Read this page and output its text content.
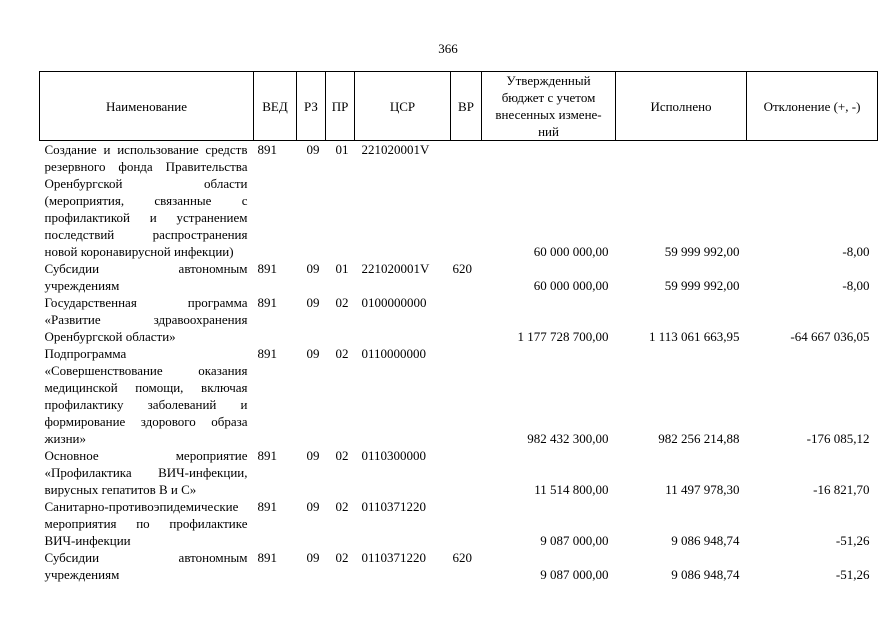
366
Наименование	ВЕД	РЗ	ПР	ЦСР	ВР	Утвержденный бюджет с учетом внесенных измене-ний	Исполнено	Отклонение (+, -)
Создание и использование средств резервного фонда Правительства Оренбургской области (мероприятия, связанные с профилактикой и устранением последствий распространения новой коронавирусной инфекции)	891	09	01	221020001V		60 000 000,00	59 999 992,00	-8,00
Субсидии автономным учреждениям	891	09	01	221020001V	620	60 000 000,00	59 999 992,00	-8,00
Государственная программа «Развитие здравоохранения Оренбургской области»	891	09	02	0100000000		1 177 728 700,00	1 113 061 663,95	-64 667 036,05
Подпрограмма «Совершенствование оказания медицинской помощи, включая профилактику заболеваний и формирование здорового образа жизни»	891	09	02	0110000000		982 432 300,00	982 256 214,88	-176 085,12
Основное мероприятие «Профилактика ВИЧ-инфекции, вирусных гепатитов В и С»	891	09	02	0110300000		11 514 800,00	11 497 978,30	-16 821,70
Санитарно-противоэпидемические мероприятия по профилактике ВИЧ-инфекции	891	09	02	0110371220		9 087 000,00	9 086 948,74	-51,26
Субсидии автономным учреждениям	891	09	02	0110371220	620	9 087 000,00	9 086 948,74	-51,26
